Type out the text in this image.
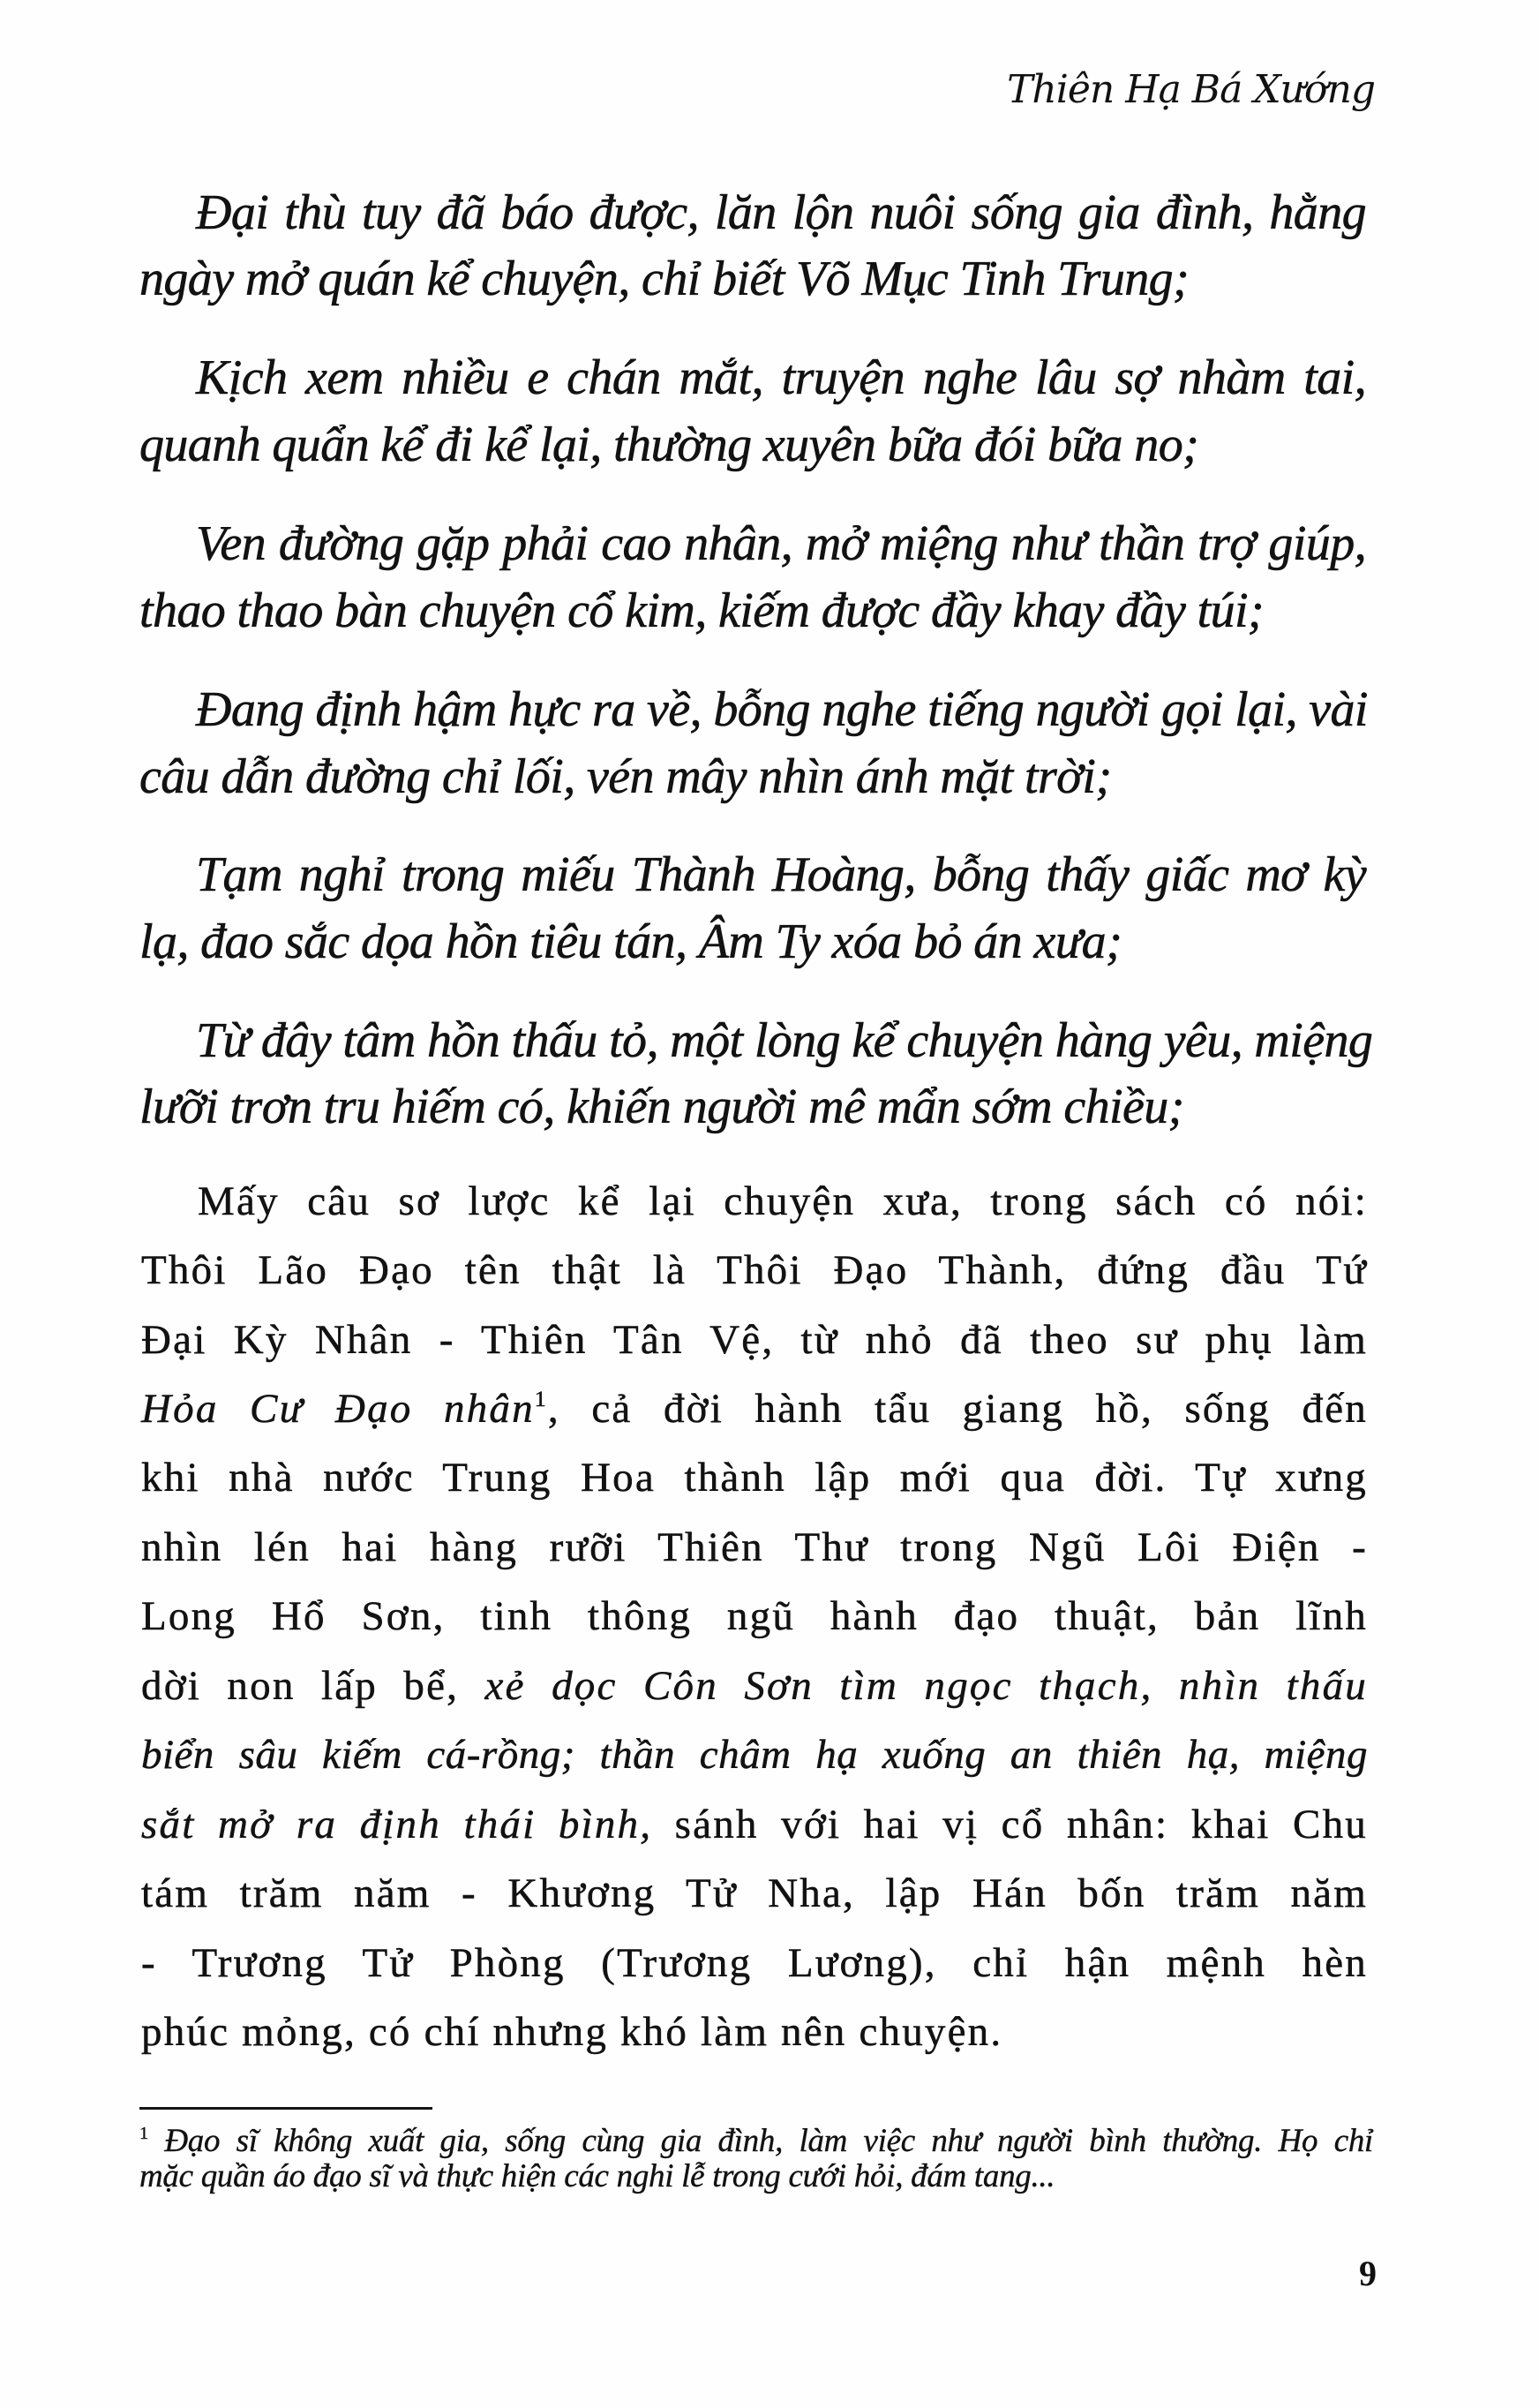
Thiên Hạ Bá Xướng
Đại thù tuy đã báo được, lăn lộn nuôi sống gia đình, hằng
ngày mở quán kể chuyện, chỉ biết Võ Mục Tinh Trung;
Kịch xem nhiều e chán mắt, truyện nghe lâu sợ nhàm tai,
quanh quẩn kể đi kể lại, thường xuyên bữa đói bữa no;
Ven đường gặp phải cao nhân, mở miệng như thần trợ giúp,
thao thao bàn chuyện cổ kim, kiếm được đầy khay đầy túi;
Đang định hậm hực ra về, bỗng nghe tiếng người gọi lại, vài
câu dẫn đường chỉ lối, vén mây nhìn ánh mặt trời;
Tạm nghỉ trong miếu Thành Hoàng, bỗng thấy giấc mơ kỳ
lạ, đao sắc dọa hồn tiêu tán, Âm Ty xóa bỏ án xưa;
Từ đây tâm hồn thấu tỏ, một lòng kể chuyện hàng yêu, miệng
lưỡi trơn tru hiếm có, khiến người mê mẩn sớm chiều;
Mấy câu sơ lược kể lại chuyện xưa, trong sách có nói:
Thôi Lão Đạo tên thật là Thôi Đạo Thành, đứng đầu Tứ
Đại Kỳ Nhân - Thiên Tân Vệ, từ nhỏ đã theo sư phụ làm
Hỏa Cư Đạo nhân$^1$, cả đời hành tẩu giang hồ, sống đến
khi nhà nước Trung Hoa thành lập mới qua đời. Tự xưng
nhìn lén hai hàng rưỡi Thiên Thư trong Ngũ Lôi Điện -
Long Hổ Sơn, tinh thông ngũ hành đạo thuật, bản lĩnh
dời non lấp bể, xẻ dọc Côn Sơn tìm ngọc thạch, nhìn thấu
biển sâu kiếm cá-rồng; thần châm hạ xuống an thiên hạ, miệng
sắt mở ra định thái bình, sánh với hai vị cổ nhân: khai Chu
tám trăm năm - Khương Tử Nha, lập Hán bốn trăm năm
- Trương Tử Phòng (Trương Lương), chỉ hận mệnh hèn
phúc mỏng, có chí nhưng khó làm nên chuyện.
$^1$ Đạo sĩ không xuất gia, sống cùng gia đình, làm việc như người bình thường. Họ chỉ
mặc quần áo đạo sĩ và thực hiện các nghi lễ trong cưới hỏi, đám tang...
9
